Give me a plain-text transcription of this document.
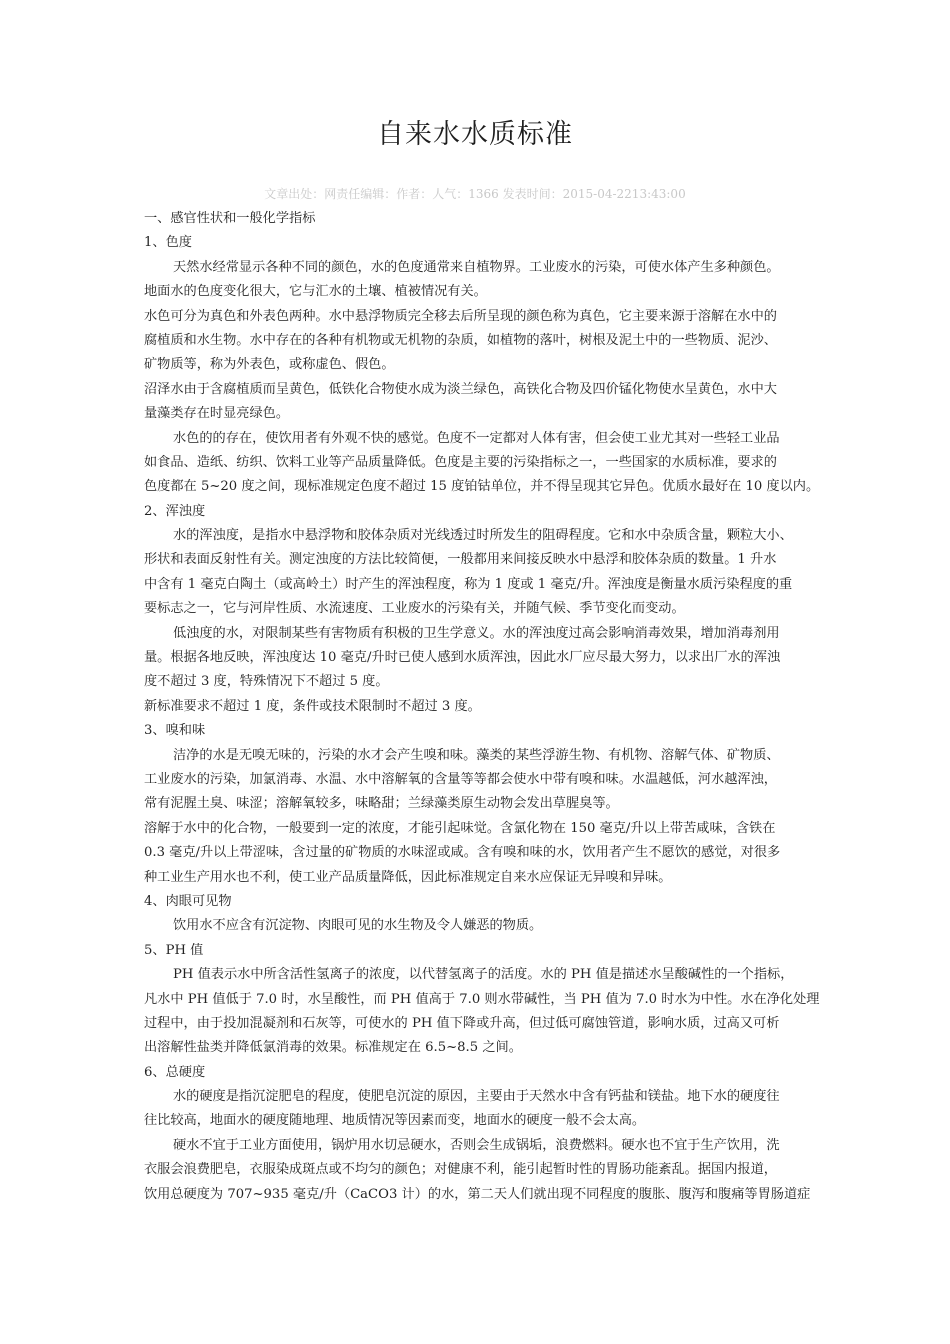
自来水水质标准
文章出处：网责任编辑：作者：人气：1366 发表时间：2015-04-2213:43:00
一、感官性状和一般化学指标
1、色度
天然水经常显示各种不同的颜色，水的色度通常来自植物界。工业废水的污染，可使水体产生多种颜色。
地面水的色度变化很大，它与汇水的土壤、植被情况有关。
水色可分为真色和外表色两种。水中悬浮物质完全移去后所呈现的颜色称为真色，它主要来源于溶解在水中的
腐植质和水生物。水中存在的各种有机物或无机物的杂质，如植物的落叶，树根及泥土中的一些物质、泥沙、
矿物质等，称为外表色，或称虚色、假色。
沼泽水由于含腐植质而呈黄色，低铁化合物使水成为淡兰绿色，高铁化合物及四价锰化物使水呈黄色，水中大
量藻类存在时显亮绿色。
水色的的存在，使饮用者有外观不快的感觉。色度不一定都对人体有害，但会使工业尤其对一些轻工业品
如食品、造纸、纺织、饮料工业等产品质量降低。色度是主要的污染指标之一，一些国家的水质标准，要求的
色度都在 5~20 度之间，现标准规定色度不超过 15 度铂钴单位，并不得呈现其它异色。优质水最好在 10 度以内。
2、浑浊度
水的浑浊度，是指水中悬浮物和胶体杂质对光线透过时所发生的阻碍程度。它和水中杂质含量，颗粒大小、
形状和表面反射性有关。测定浊度的方法比较简便，一般都用来间接反映水中悬浮和胶体杂质的数量。1 升水
中含有 1 毫克白陶土（或高岭土）时产生的浑浊程度，称为 1 度或 1 毫克/升。浑浊度是衡量水质污染程度的重
要标志之一，它与河岸性质、水流速度、工业废水的污染有关，并随气候、季节变化而变动。
低浊度的水，对限制某些有害物质有积极的卫生学意义。水的浑浊度过高会影响消毒效果，增加消毒剂用
量。根据各地反映，浑浊度达 10 毫克/升时已使人感到水质浑浊，因此水厂应尽最大努力，以求出厂水的浑浊
度不超过 3 度，特殊情况下不超过 5 度。
新标准要求不超过 1 度，条件或技术限制时不超过 3 度。
3、嗅和味
洁净的水是无嗅无味的，污染的水才会产生嗅和味。藻类的某些浮游生物、有机物、溶解气体、矿物质、
工业废水的污染，加氯消毒、水温、水中溶解氧的含量等等都会使水中带有嗅和味。水温越低，河水越浑浊，
常有泥腥土臭、味涩；溶解氧较多，味略甜；兰绿藻类原生动物会发出草腥臭等。
溶解于水中的化合物，一般要到一定的浓度，才能引起味觉。含氯化物在 150 毫克/升以上带苦咸味，含铁在
0.3 毫克/升以上带涩味，含过量的矿物质的水味涩或咸。含有嗅和味的水，饮用者产生不愿饮的感觉，对很多
种工业生产用水也不利，使工业产品质量降低，因此标准规定自来水应保证无异嗅和异味。
4、肉眼可见物
饮用水不应含有沉淀物、肉眼可见的水生物及令人嫌恶的物质。
5、PH 值
PH 值表示水中所含活性氢离子的浓度，以代替氢离子的活度。水的 PH 值是描述水呈酸碱性的一个指标，
凡水中 PH 值低于 7.0 时，水呈酸性，而 PH 值高于 7.0 则水带碱性，当 PH 值为 7.0 时水为中性。水在净化处理
过程中，由于投加混凝剂和石灰等，可使水的 PH 值下降或升高，但过低可腐蚀管道，影响水质，过高又可析
出溶解性盐类并降低氯消毒的效果。标准规定在 6.5~8.5 之间。
6、总硬度
水的硬度是指沉淀肥皂的程度，使肥皂沉淀的原因，主要由于天然水中含有钙盐和镁盐。地下水的硬度往
往比较高，地面水的硬度随地理、地质情况等因素而变，地面水的硬度一般不会太高。
硬水不宜于工业方面使用，锅炉用水切忌硬水，否则会生成锅垢，浪费燃料。硬水也不宜于生产饮用，洗
衣服会浪费肥皂，衣服染成斑点或不均匀的颜色；对健康不利，能引起暂时性的胃肠功能紊乱。据国内报道，
饮用总硬度为 707~935 毫克/升（CaCO3 计）的水，第二天人们就出现不同程度的腹胀、腹泻和腹痛等胃肠道症
